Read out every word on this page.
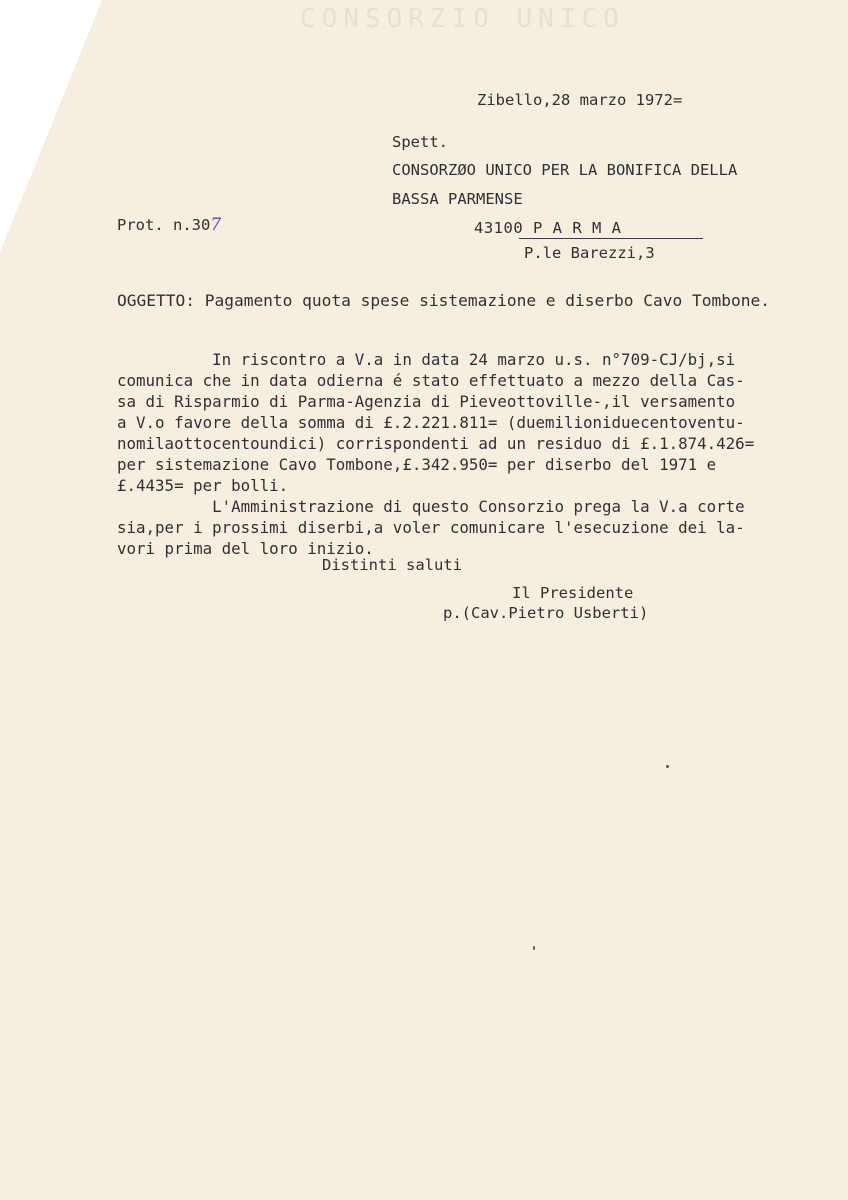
CONSORZIO UNICO
Zibello,28 marzo 1972=
Spett.
CONSORZØO UNICO PER LA BONIFICA DELLA
BASSA PARMENSE
Prot. n.307	43100 P A R M A
P.le Barezzi,3
OGGETTO: Pagamento quota spese sistemazione e diserbo Cavo Tombone.
In riscontro a V.a in data 24 marzo u.s. n°709-CJ/bj,si
comunica che in data odierna é stato effettuato a mezzo della Cas-
sa di Risparmio di Parma-Agenzia di Pieveottoville-,il versamento
a V.o favore della somma di £.2.221.811= (duemilioniduecentoventu-
nomilaottocentoundici) corrispondenti ad un residuo di £.1.874.426=
per sistemazione Cavo Tombone,£.342.950= per diserbo del 1971 e
£.4435= per bolli.
L'Amministrazione di questo Consorzio prega la V.a corte
sia,per i prossimi diserbi,a voler comunicare l'esecuzione dei la-
vori prima del loro inizio.
Distinti saluti
Il Presidente
p.(Cav.Pietro Usberti)
